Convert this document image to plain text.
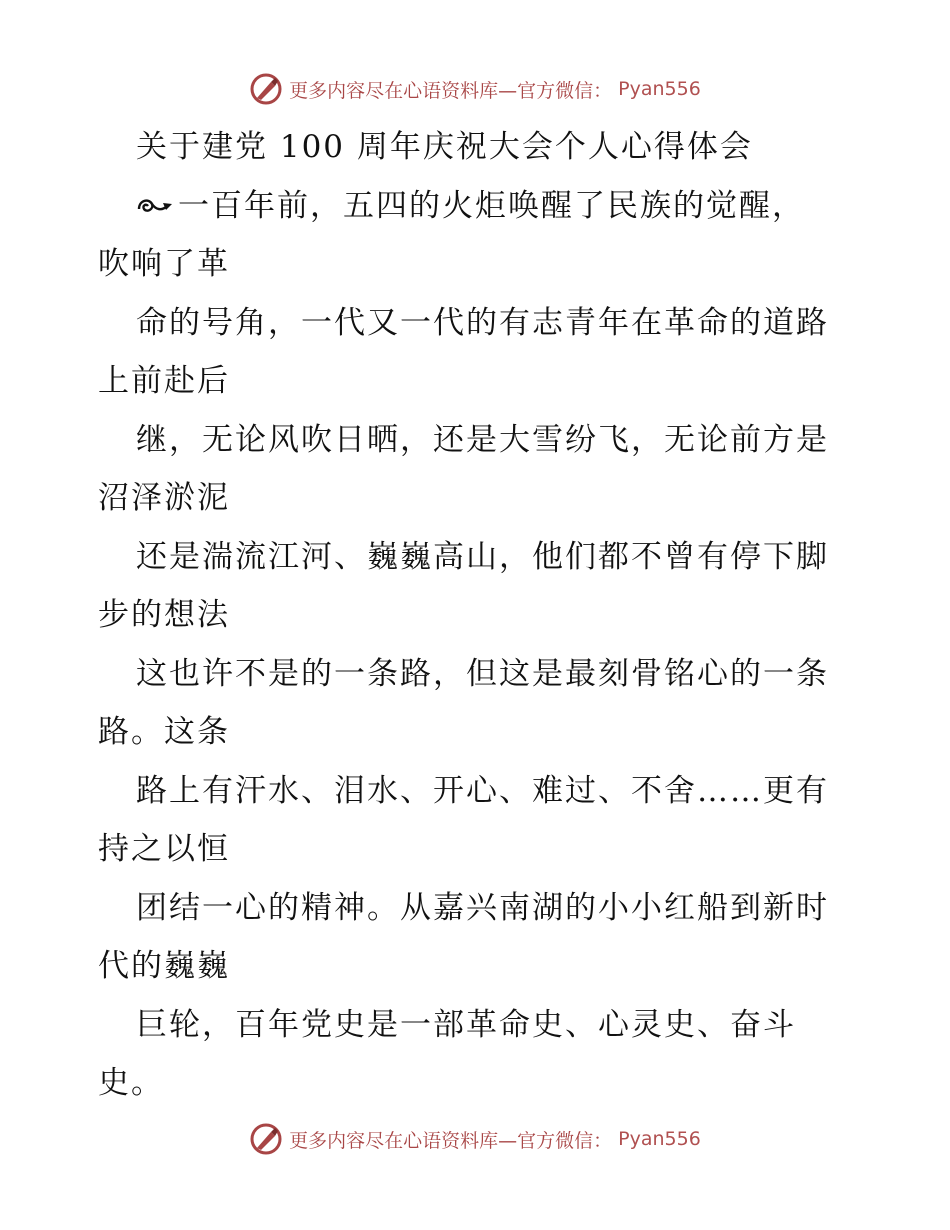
更多内容尽在心语资料库—官方微信： Pyan556
关于建党 100 周年庆祝大会个人心得体会
一百年前，五四的火炬唤醒了民族的觉醒，
吹响了革
命的号角，一代又一代的有志青年在革命的道路
上前赴后
继，无论风吹日晒，还是大雪纷飞，无论前方是
沼泽淤泥
还是湍流江河、巍巍高山，他们都不曾有停下脚
步的想法
这也许不是的一条路，但这是最刻骨铭心的一条
路。这条
路上有汗水、泪水、开心、难过、不舍……更有
持之以恒
团结一心的精神。从嘉兴南湖的小小红船到新时
代的巍巍
巨轮，百年党史是一部革命史、心灵史、奋斗
史。
更多内容尽在心语资料库—官方微信： Pyan556
